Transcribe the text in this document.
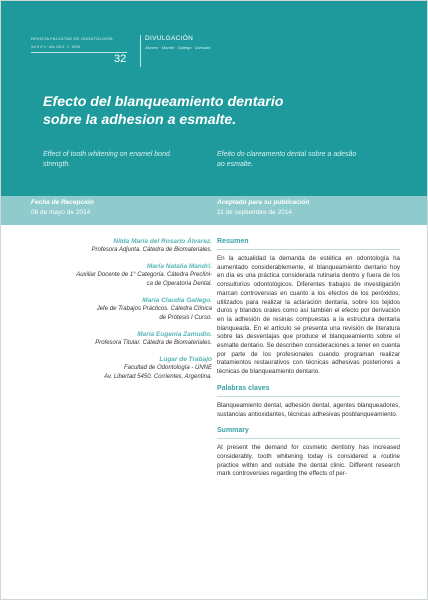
REVISTA FACULTAD DE ODONTOLOGÍA
Vol 8 nº 1 · Año 2014 · 1 · ISSN
32
DIVULGACIÓN
Álvarez · Mandri · Gallego · Zamudio
Efecto del blanqueamiento dentario
sobre la adhesion a esmalte.
Effect of tooth whitening on enamel bond
strength.
Efeito do clareamento dental sobre a adesão
ao esmalte.
Fecha de Recepción
06 de mayo de 2014
Aceptado para su publicación
11 de septiembre de 2014

Nilda María del Rosario Álvarez.

Profesora Adjunta. Cátedra de Biomateriales.

María Natalia Mandri.

Auxiliar Docente de 1° Categoría. Cátedra Preclíni-

ca de Operatoria Dental.

María Claudia Gallego.

Jefe de Trabajos Prácticos. Cátedra Clínica

de Prótesis I Curso.

María Eugenia Zamudio.

Profesora Titular. Cátedra de Biomateriales.

Lugar de Trabajo

Facultad de Odontología - UNNE

Av. Libertad 5450. Corrientes, Argentina.

Resumen

En la actualidad la demanda de estética en odontología ha aumentado considerablemente, el blanqueamiento dentario hoy en día es una práctica considerada rutinaria dentro y fuera de los consultorios odontológicos. Diferentes trabajos de investigación marcan controversias en cuanto a los efectos de los peróxidos, utilizados para realizar la aclaración dentaria, sobre los tejidos duros y blandos orales como así también el efecto por derivación en la adhesión de resinas compuestas a la estructura dentaria blanqueada. En el artículo se presenta una revisión de literatura sobre las desventajas que produce el blanqueamiento sobre el esmalte dentario. Se describen consideraciones a tener en cuenta por parte de los profesionales cuando programan realizar tratamientos restaurativos con técnicas adhesivas posteriores a técnicas de blanqueamiento dentario.

Palabras claves

Blanqueamiento dental, adhesión dental, agentes blanqueadores, sustancias antioxidantes, técnicas adhesivas posblanqueamiento.

Summary

At present the demand for cosmetic dentistry has increased considerably, tooth whitening today is considered a routine practice within and outside the dental clinic. Different research mark controversies regarding the effects of per-
